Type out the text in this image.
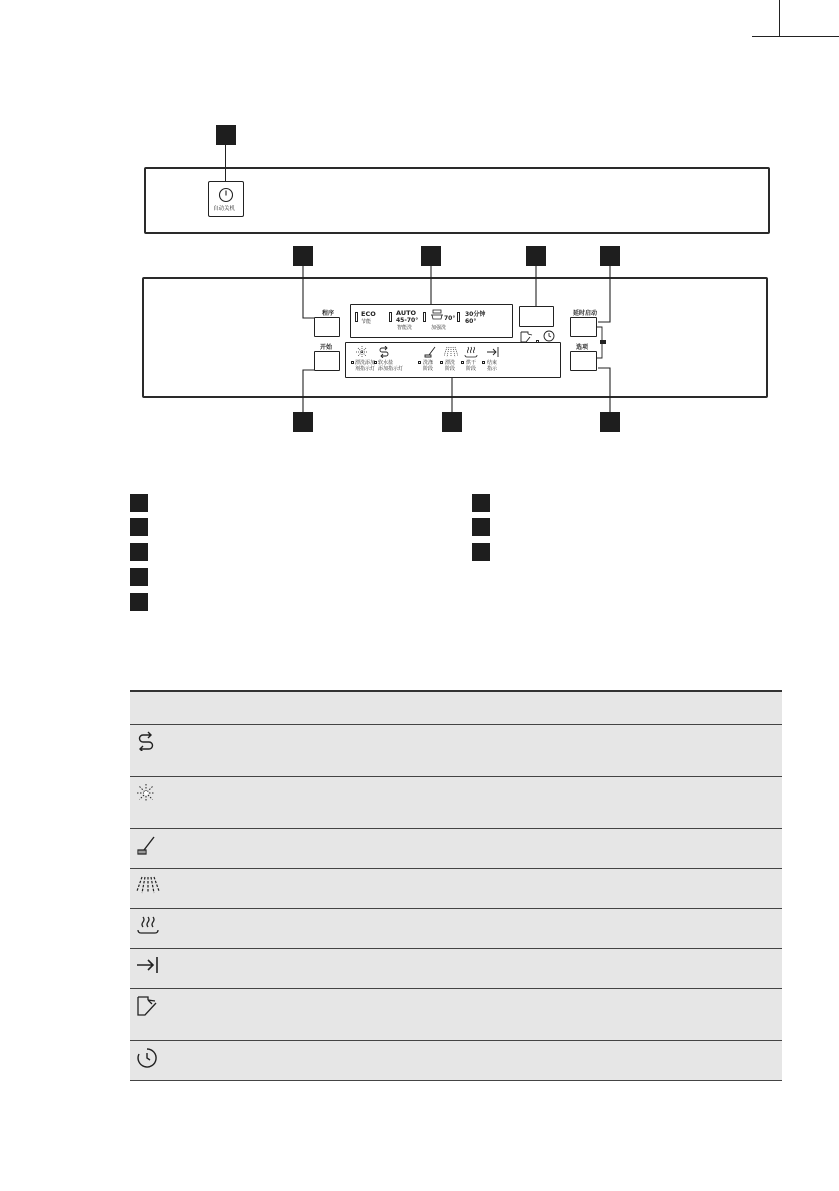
自动关机
程序
开始
ECO
节能
AUTO
45-70°
智能洗
70°
加强洗
30分钟
60°
延时启动
选项
漂洗添加
剂指示灯
软水盐
添加指示灯
洗涤
阶段
漂洗
阶段
烘干
阶段
结束
指示
